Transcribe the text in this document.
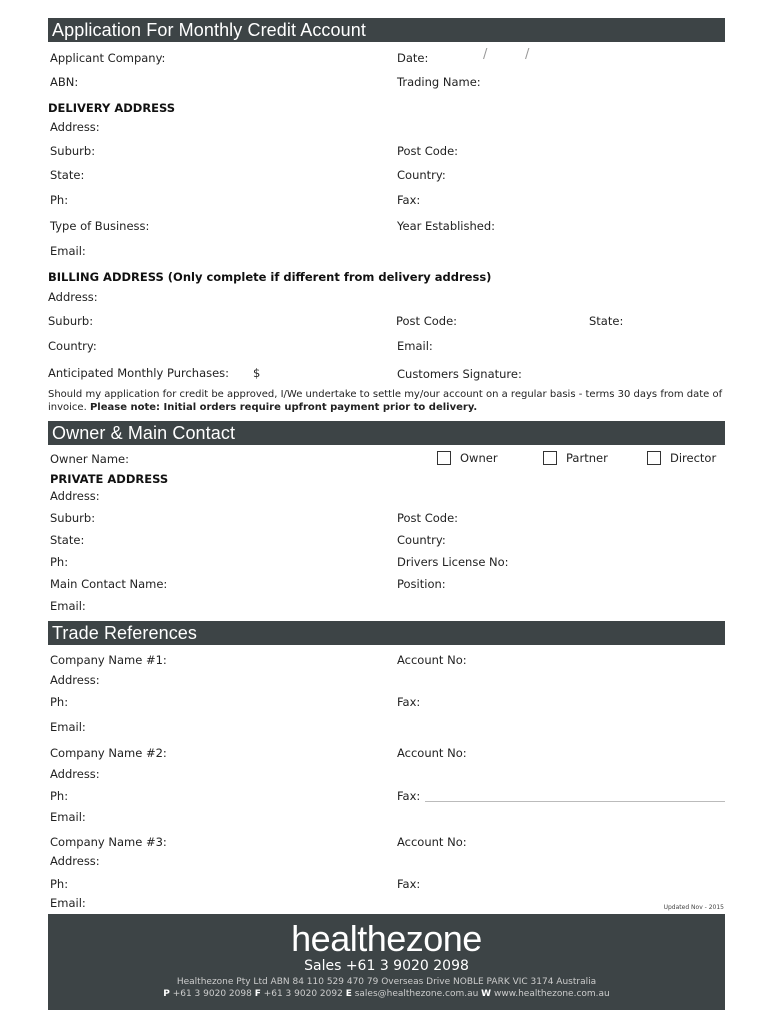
Application For Monthly Credit Account
Applicant Company:	Date:	/	/
ABN:	Trading Name:
DELIVERY ADDRESS
Address:
Suburb:	Post Code:
State:	Country:
Ph:	Fax:
Type of Business:	Year Established:
Email:
BILLING ADDRESS (Only complete if different from delivery address)
Address:
Suburb:	Post Code:	State:
Country:	Email:
Anticipated Monthly Purchases: $	Customers Signature:
Should my application for credit be approved, I/We undertake to settle my/our account on a regular basis - terms 30 days from date of invoice. Please note: Initial orders require upfront payment prior to delivery.
Owner & Main Contact
Owner Name:	Owner	Partner	Director
PRIVATE ADDRESS
Address:
Suburb:	Post Code:
State:	Country:
Ph:	Drivers License No:
Main Contact Name:	Position:
Email:
Trade References
Company Name #1:	Account No:
Address:
Ph:	Fax:
Email:
Company Name #2:	Account No:
Address:
Ph:	Fax:
Email:
Company Name #3:	Account No:
Address:
Ph:	Fax:
Email:	Updated Nov - 2015
healthezone
Sales +61 3 9020 2098
Healthezone Pty Ltd ABN 84 110 529 470 79 Overseas Drive NOBLE PARK VIC 3174 Australia
P +61 3 9020 2098 F +61 3 9020 2092 E sales@healthezone.com.au W www.healthezone.com.au
